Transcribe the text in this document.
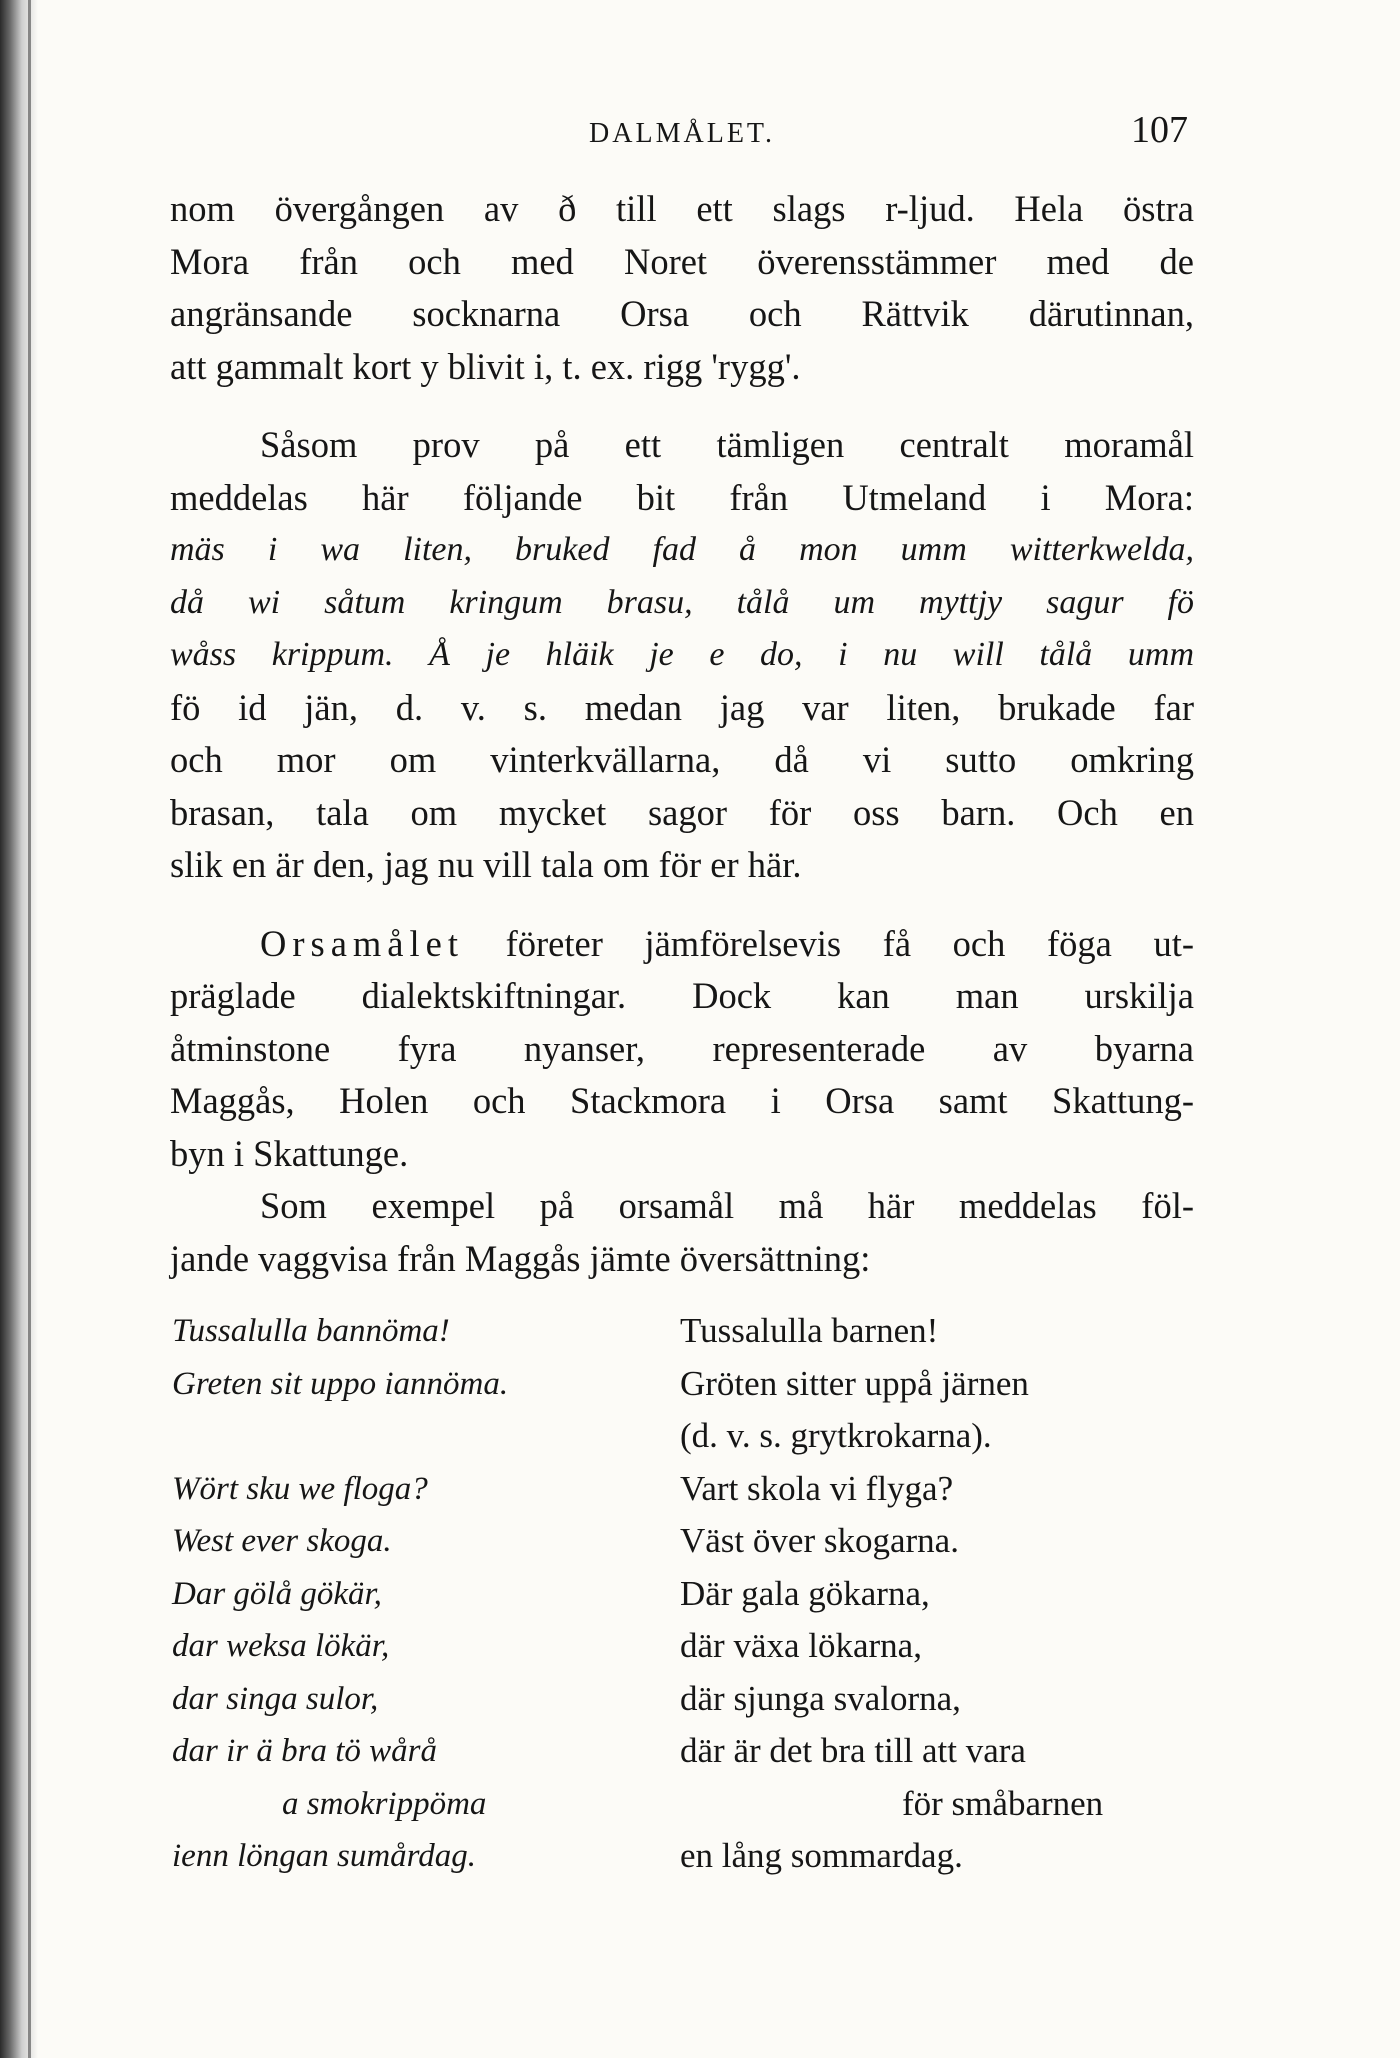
DALMÅLET.	107

nom övergången av ð till ett slags r-ljud. Hela östra

Mora från och med Noret överensstämmer med de

angränsande socknarna Orsa och Rättvik därutinnan,

att gammalt kort y blivit i, t. ex. rigg 'rygg'.

Såsom prov på ett tämligen centralt moramål

meddelas här följande bit från Utmeland i Mora:

mäs i wa liten, bruked fad å mon umm witterkwelda,

då wi såtum kringum brasu, tålå um myttjy sagur fö

wåss krippum. Å je hläik je e do, i nu will tålå umm

fö id jän, d. v. s. medan jag var liten, brukade far

och mor om vinterkvällarna, då vi sutto omkring

brasan, tala om mycket sagor för oss barn. Och en

slik en är den, jag nu vill tala om för er här.

Orsamålet företer jämförelsevis få och föga ut-

präglade dialektskiftningar. Dock kan man urskilja

åtminstone fyra nyanser, representerade av byarna

Maggås, Holen och Stackmora i Orsa samt Skattung-

byn i Skattunge.

Som exempel på orsamål må här meddelas föl-

jande vaggvisa från Maggås jämte översättning:

Tussalulla bannöma!	Tussalulla barnen!
Greten sit uppo iannöma.	Gröten sitter uppå järnen
(d. v. s. grytkrokarna).
Wört sku we floga?	Vart skola vi flyga?
West ever skoga.	Väst över skogarna.
Dar gölå gökär,	Där gala gökarna,
dar weksa lökär,	där växa lökarna,
dar singa sulor,	där sjunga svalorna,
dar ir ä bra tö wårå	där är det bra till att vara
a smokrippöma	för småbarnen
ienn löngan sumårdag.	en lång sommardag.
